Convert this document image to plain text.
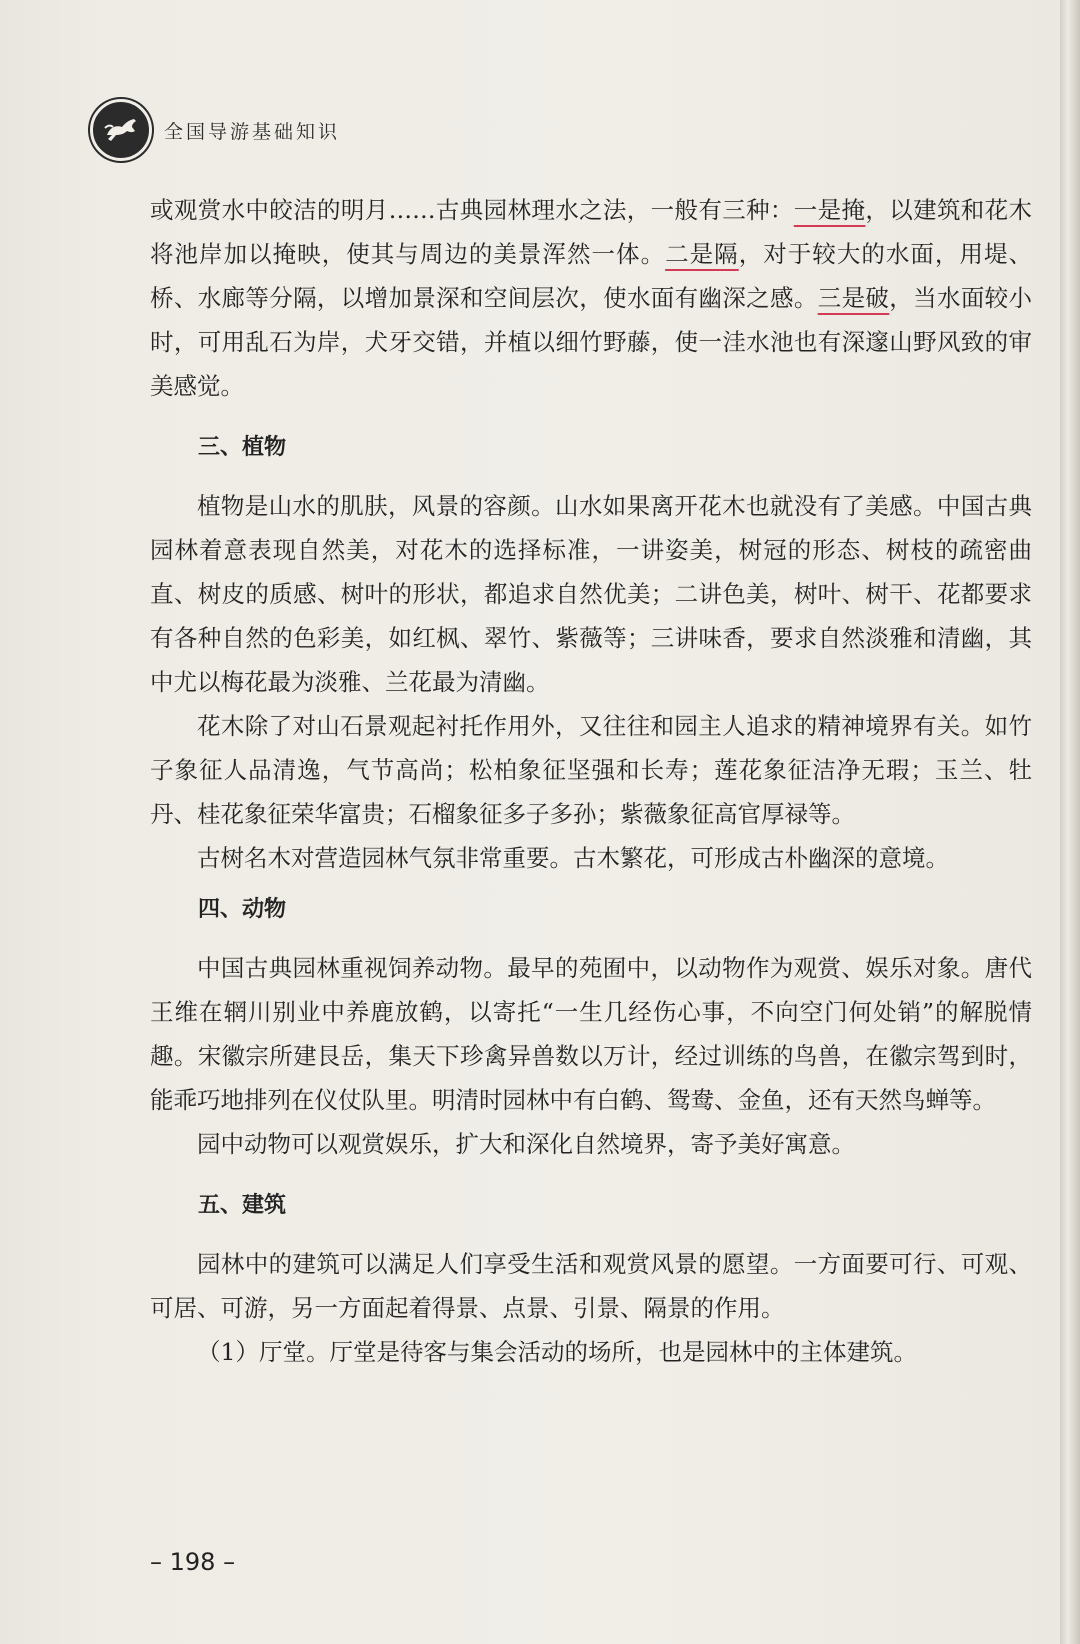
全国导游基础知识

或观赏水中皎洁的明月……古典园林理水之法，一般有三种：一是掩，以建筑和花木将池岸加以掩映，使其与周边的美景浑然一体。二是隔，对于较大的水面，用堤、桥、水廊等分隔，以增加景深和空间层次，使水面有幽深之感。三是破，当水面较小时，可用乱石为岸，犬牙交错，并植以细竹野藤，使一洼水池也有深邃山野风致的审美感觉。

三、植物

植物是山水的肌肤，风景的容颜。山水如果离开花木也就没有了美感。中国古典园林着意表现自然美，对花木的选择标准，一讲姿美，树冠的形态、树枝的疏密曲直、树皮的质感、树叶的形状，都追求自然优美；二讲色美，树叶、树干、花都要求有各种自然的色彩美，如红枫、翠竹、紫薇等；三讲味香，要求自然淡雅和清幽，其中尤以梅花最为淡雅、兰花最为清幽。

花木除了对山石景观起衬托作用外，又往往和园主人追求的精神境界有关。如竹子象征人品清逸，气节高尚；松柏象征坚强和长寿；莲花象征洁净无瑕；玉兰、牡丹、桂花象征荣华富贵；石榴象征多子多孙；紫薇象征高官厚禄等。

古树名木对营造园林气氛非常重要。古木繁花，可形成古朴幽深的意境。

四、动物

中国古典园林重视饲养动物。最早的苑囿中，以动物作为观赏、娱乐对象。唐代王维在辋川别业中养鹿放鹤，以寄托“一生几经伤心事，不向空门何处销”的解脱情趣。宋徽宗所建艮岳，集天下珍禽异兽数以万计，经过训练的鸟兽，在徽宗驾到时，能乖巧地排列在仪仗队里。明清时园林中有白鹤、鸳鸯、金鱼，还有天然鸟蝉等。

园中动物可以观赏娱乐，扩大和深化自然境界，寄予美好寓意。

五、建筑

园林中的建筑可以满足人们享受生活和观赏风景的愿望。一方面要可行、可观、可居、可游，另一方面起着得景、点景、引景、隔景的作用。

（1）厅堂。厅堂是待客与集会活动的场所，也是园林中的主体建筑。

– 198 –
